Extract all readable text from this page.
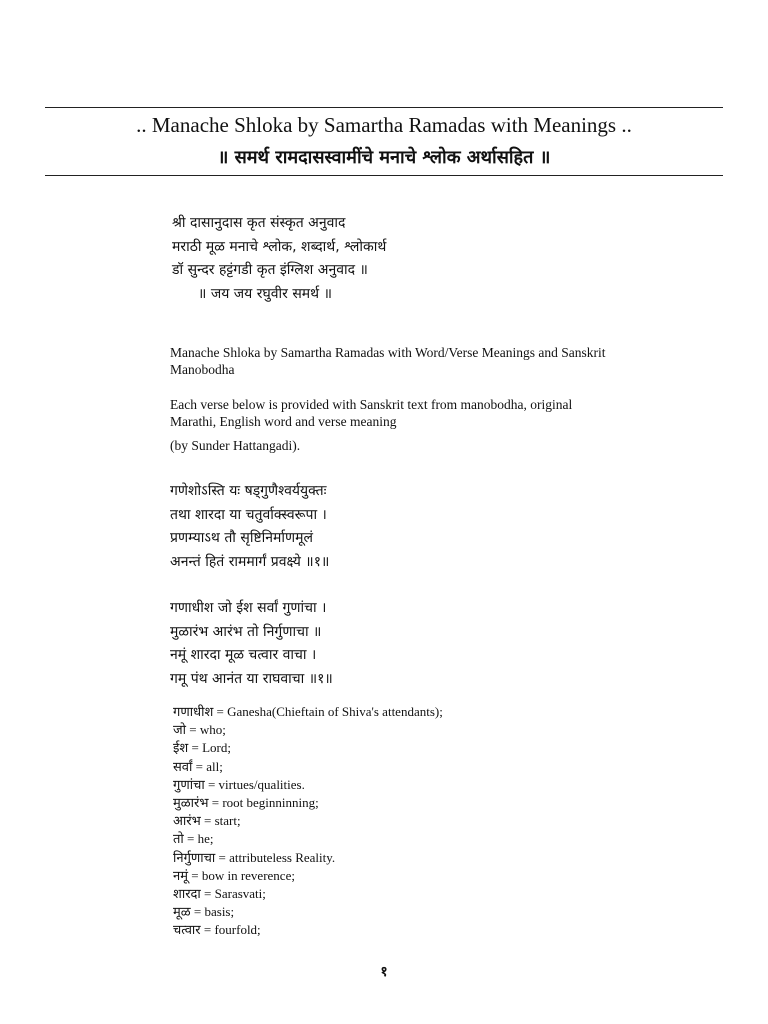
.. Manache Shloka by Samartha Ramadas with Meanings ..
॥ समर्थ रामदासस्वामींचे मनाचे श्लोक अर्थासहित ॥
श्री दासानुदास कृत संस्कृत अनुवाद
मराठी मूळ मनाचे श्लोक, शब्दार्थ, श्लोकार्थ
डॉ सुन्दर हट्टंगडी कृत इंग्लिश अनुवाद ॥
॥ जय जय रघुवीर समर्थ ॥
Manache Shloka by Samartha Ramadas with Word/Verse Meanings and Sanskrit Manobodha
Each verse below is provided with Sanskrit text from manobodha, original Marathi, English word and verse meaning
(by Sunder Hattangadi).
गणेशोऽस्ति यः षड्गुणैश्वर्ययुक्तः
तथा शारदा या चतुर्वाक्स्वरूपा ।
प्रणम्याऽथ तौ सृष्टिनिर्माणमूलं
अनन्तं हितं राममार्गं प्रवक्ष्ये ॥१॥
गणाधीश जो ईश सर्वां गुणांचा ।
मुळारंभ आरंभ तो निर्गुणाचा ॥
नमूं शारदा मूळ चत्वार वाचा ।
गमू पंथ आनंत या राघवाचा ॥१॥
गणाधीश = Ganesha(Chieftain of Shiva's attendants);
जो = who;
ईश = Lord;
सर्वां = all;
गुणांचा = virtues/qualities.
मुळारंभ = root beginninning;
आरंभ = start;
तो = he;
निर्गुणाचा = attributeless Reality.
नमूं = bow in reverence;
शारदा = Sarasvati;
मूळ = basis;
चत्वार = fourfold;
१
